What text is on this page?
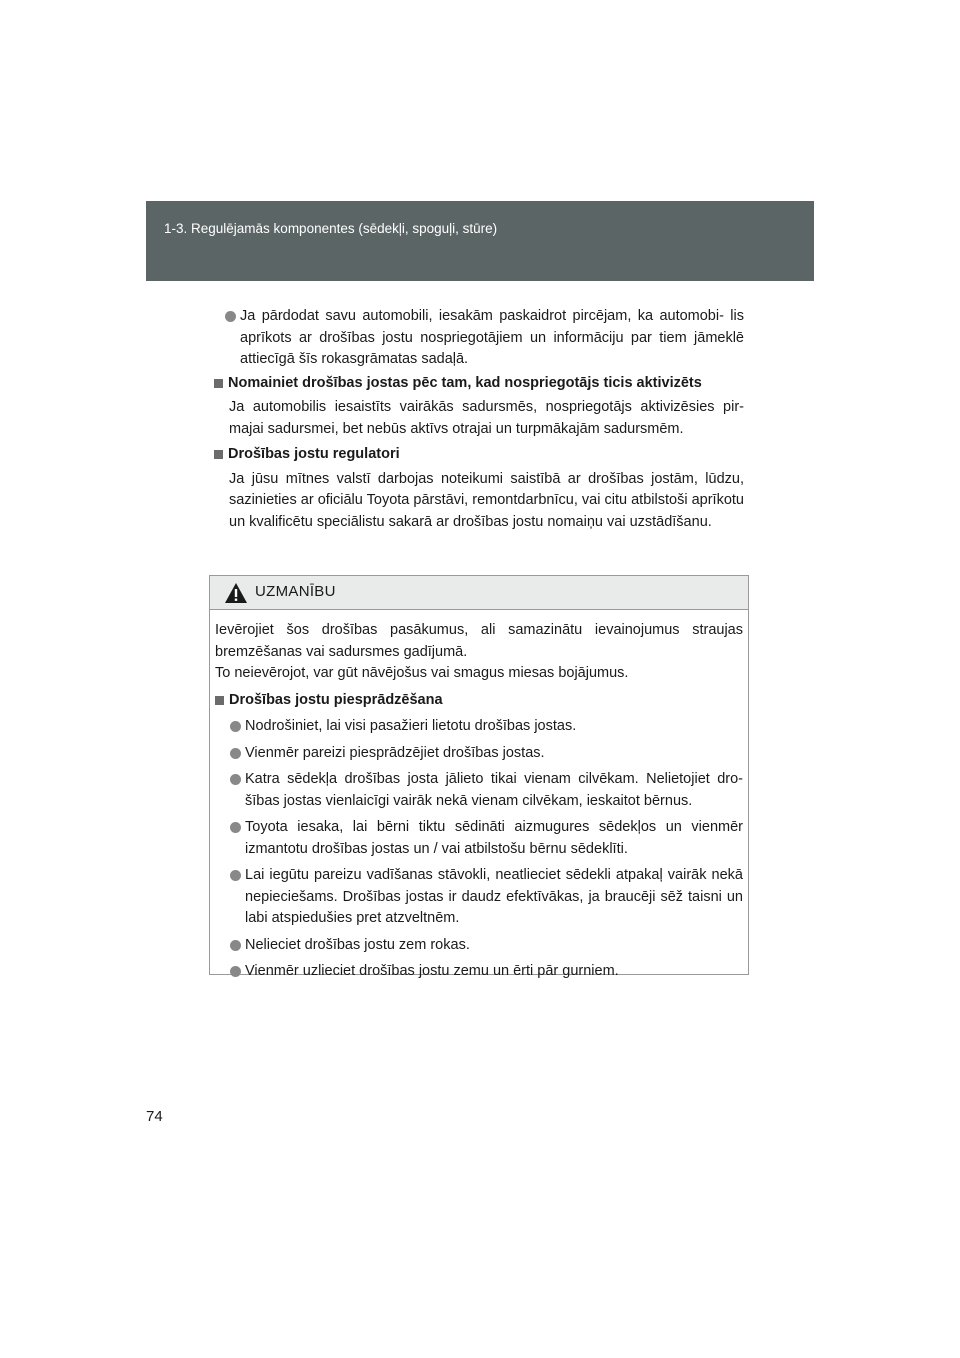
1-3. Regulējamās komponentes (sēdekļi, spoguļi, stūre)
Ja pārdodat savu automobili, iesakām paskaidrot pircējam, ka automobi- lis aprīkots ar drošības jostu nospriegotājiem un informāciju par tiem jāmeklē attiecīgā šīs rokasgrāmatas sadaļā.
Nomainiet drošības jostas pēc tam, kad nospriegotājs ticis aktivizēts
Ja automobilis iesaistīts vairākās sadursmēs, nospriegotājs aktivizēsies pir- majai sadursmei, bet nebūs aktīvs otrajai un turpmākajām sadursmēm.
Drošības jostu regulatori
Ja jūsu mītnes valstī darbojas noteikumi saistībā ar drošības jostām, lūdzu, sazinieties ar oficiālu Toyota pārstāvi, remontdarbnīcu, vai citu atbilstoši aprīkotu un kvalificētu speciālistu sakarā ar drošības jostu nomaiņu vai uzstādīšanu.
UZMANĪBU
Ievērojiet šos drošības pasākumus, ali samazinātu ievainojumus straujas bremzēšanas vai sadursmes gadījumā.
To neievērojot, var gūt nāvējošus vai smagus miesas bojājumus.
Drošības jostu piesprādzēšana
Nodrošiniet, lai visi pasažieri lietotu drošības jostas.
Vienmēr pareizi piesprādzējiet drošības jostas.
Katra sēdekļa drošības josta jālieto tikai vienam cilvēkam. Nelietojiet dro- šības jostas vienlaicīgi vairāk nekā vienam cilvēkam, ieskaitot bērnus.
Toyota iesaka, lai bērni tiktu sēdināti aizmugures sēdekļos un vienmēr izmantotu drošības jostas un / vai atbilstošu bērnu sēdeklīti.
Lai iegūtu pareizu vadīšanas stāvokli, neatlieciet sēdekli atpakaļ vairāk nekā nepieciešams. Drošības jostas ir daudz efektīvākas, ja braucēji sēž taisni un labi atspiedušies pret atzveltnēm.
Nelieciet drošības jostu zem rokas.
Vienmēr uzlieciet drošības jostu zemu un ērti pār gurniem.
74
